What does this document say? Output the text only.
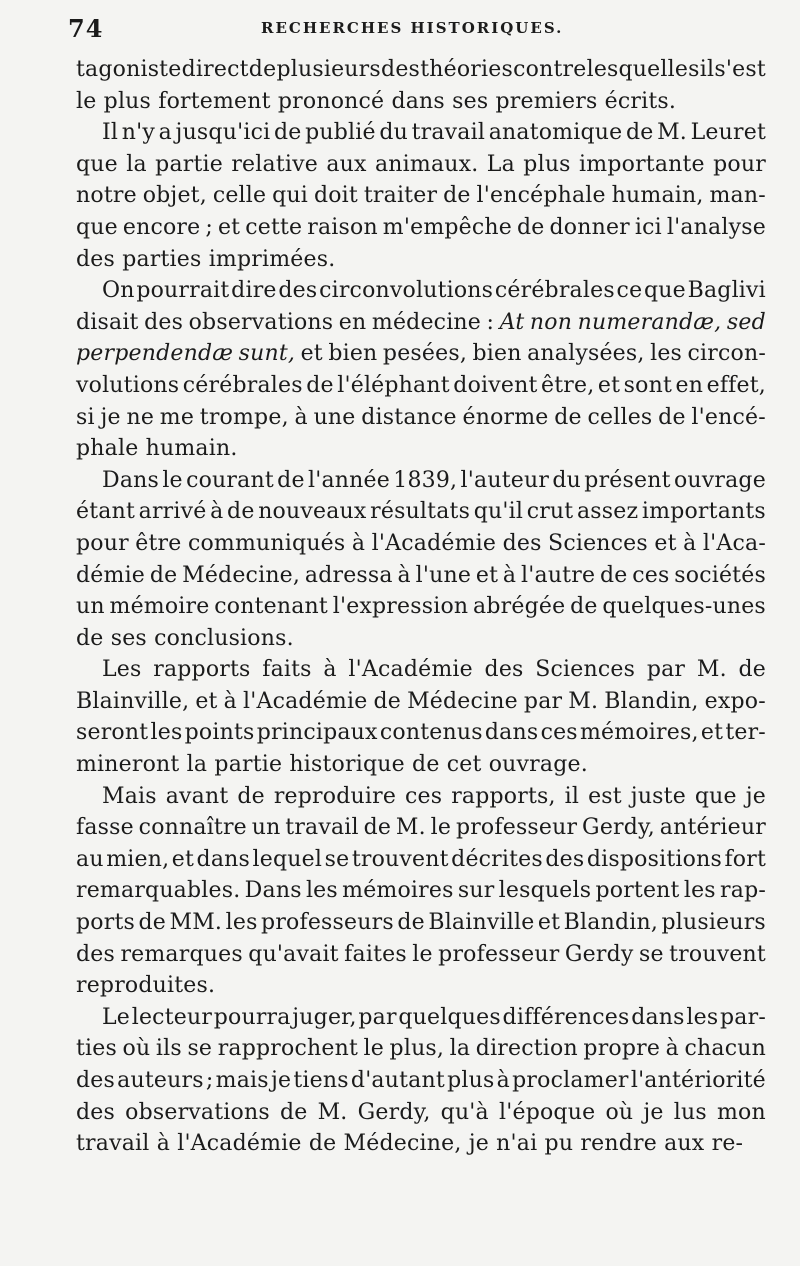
74	RECHERCHES HISTORIQUES.
tagoniste direct de plusieurs des théories contre lesquelles il s'est
le plus fortement prononcé dans ses premiers écrits.
Il n'y a jusqu'ici de publié du travail anatomique de M. Leuret
que la partie relative aux animaux. La plus importante pour
notre objet, celle qui doit traiter de l'encéphale humain, man-
que encore ; et cette raison m'empêche de donner ici l'analyse
des parties imprimées.
On pourrait dire des circonvolutions cérébrales ce que Baglivi
disait des observations en médecine : At non numerandæ, sed
perpendendæ sunt, et bien pesées, bien analysées, les circon-
volutions cérébrales de l'éléphant doivent être, et sont en effet,
si je ne me trompe, à une distance énorme de celles de l'encé-
phale humain.
Dans le courant de l'année 1839, l'auteur du présent ouvrage
étant arrivé à de nouveaux résultats qu'il crut assez importants
pour être communiqués à l'Académie des Sciences et à l'Aca-
démie de Médecine, adressa à l'une et à l'autre de ces sociétés
un mémoire contenant l'expression abrégée de quelques-unes
de ses conclusions.
Les rapports faits à l'Académie des Sciences par M. de
Blainville, et à l'Académie de Médecine par M. Blandin, expo-
seront les points principaux contenus dans ces mémoires, et ter-
mineront la partie historique de cet ouvrage.
Mais avant de reproduire ces rapports, il est juste que je
fasse connaître un travail de M. le professeur Gerdy, antérieur
au mien, et dans lequel se trouvent décrites des dispositions fort
remarquables. Dans les mémoires sur lesquels portent les rap-
ports de MM. les professeurs de Blainville et Blandin, plusieurs
des remarques qu'avait faites le professeur Gerdy se trouvent
reproduites.
Le lecteur pourra juger, par quelques différences dans les par-
ties où ils se rapprochent le plus, la direction propre à chacun
des auteurs ; mais je tiens d'autant plus à proclamer l'antériorité
des observations de M. Gerdy, qu'à l'époque où je lus mon
travail à l'Académie de Médecine, je n'ai pu rendre aux re-
